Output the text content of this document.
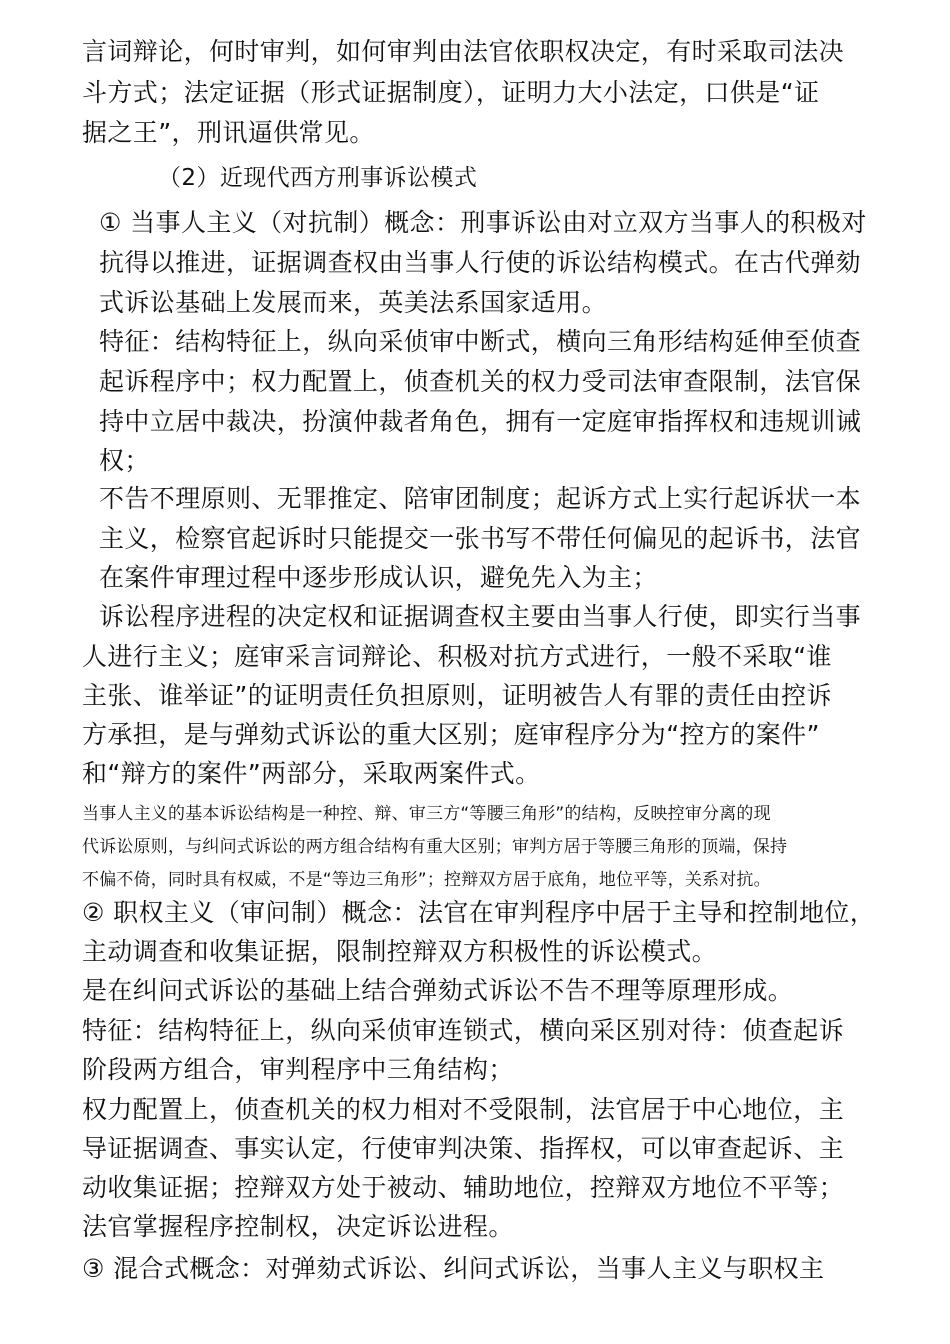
言词辩论，何时审判，如何审判由法官依职权决定，有时采取司法决
斗方式；法定证据（形式证据制度），证明力大小法定，口供是“证
据之王”，刑讯逼供常见。
（2）近现代西方刑事诉讼模式
① 当事人主义（对抗制）概念：刑事诉讼由对立双方当事人的积极对
抗得以推进，证据调查权由当事人行使的诉讼结构模式。在古代弹劾
式诉讼基础上发展而来，英美法系国家适用。
特征：结构特征上，纵向采侦审中断式，横向三角形结构延伸至侦查
起诉程序中；权力配置上，侦查机关的权力受司法审查限制，法官保
持中立居中裁决，扮演仲裁者角色，拥有一定庭审指挥权和违规训诫
权；
不告不理原则、无罪推定、陪审团制度；起诉方式上实行起诉状一本
主义，检察官起诉时只能提交一张书写不带任何偏见的起诉书，法官
在案件审理过程中逐步形成认识，避免先入为主；
诉讼程序进程的决定权和证据调查权主要由当事人行使，即实行当事
人进行主义；庭审采言词辩论、积极对抗方式进行，一般不采取“谁
主张、谁举证”的证明责任负担原则，证明被告人有罪的责任由控诉
方承担，是与弹劾式诉讼的重大区别；庭审程序分为“控方的案件”
和“辩方的案件”两部分，采取两案件式。
当事人主义的基本诉讼结构是一种控、辩、审三方“等腰三角形”的结构，反映控审分离的现
代诉讼原则，与纠问式诉讼的两方组合结构有重大区别；审判方居于等腰三角形的顶端，保持
不偏不倚，同时具有权威，不是“等边三角形”；控辩双方居于底角，地位平等，关系对抗。
② 职权主义（审问制）概念：法官在审判程序中居于主导和控制地位，
主动调查和收集证据，限制控辩双方积极性的诉讼模式。
是在纠问式诉讼的基础上结合弹劾式诉讼不告不理等原理形成。
特征：结构特征上，纵向采侦审连锁式，横向采区别对待：侦查起诉
阶段两方组合，审判程序中三角结构；
权力配置上，侦查机关的权力相对不受限制，法官居于中心地位，主
导证据调查、事实认定，行使审判决策、指挥权，可以审查起诉、主
动收集证据；控辩双方处于被动、辅助地位，控辩双方地位不平等；
法官掌握程序控制权，决定诉讼进程。
③ 混合式概念：对弹劾式诉讼、纠问式诉讼，当事人主义与职权主
